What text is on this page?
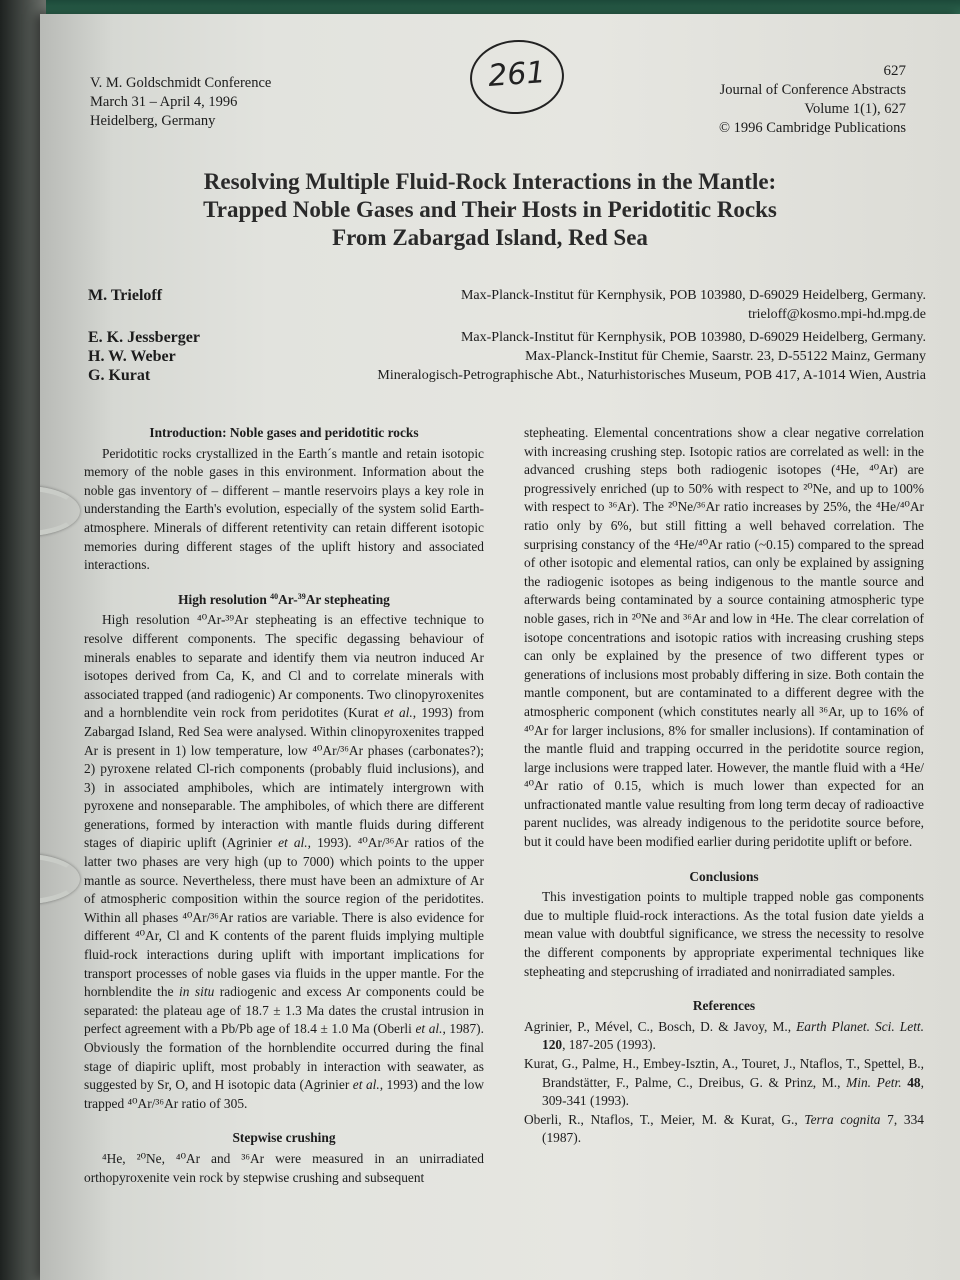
261
V. M. Goldschmidt Conference
March 31 – April 4, 1996
Heidelberg, Germany
627
Journal of Conference Abstracts
Volume 1(1), 627
© 1996 Cambridge Publications
Resolving Multiple Fluid-Rock Interactions in the Mantle:
Trapped Noble Gases and Their Hosts in Peridotitic Rocks
From Zabargad Island, Red Sea
M. Trieloff	Max-Planck-Institut für Kernphysik, POB 103980, D-69029 Heidelberg, Germany.
trieloff@kosmo.mpi-hd.mpg.de
E. K. Jessberger	Max-Planck-Institut für Kernphysik, POB 103980, D-69029 Heidelberg, Germany.
H. W. Weber	Max-Planck-Institut für Chemie, Saarstr. 23, D-55122 Mainz, Germany
G. Kurat	Mineralogisch-Petrographische Abt., Naturhistorisches Museum, POB 417, A-1014 Wien, Austria
Introduction: Noble gases and peridotitic rocks

Peridotitic rocks crystallized in the Earth´s mantle and retain isotopic memory of the noble gases in this environment. Information about the noble gas inventory of – different – mantle reservoirs plays a key role in understanding the Earth's evolution, especially of the system solid Earth-atmosphere. Minerals of different retentivity can retain different isotopic memories during different stages of the uplift history and associated interactions.

High resolution $^{40}$Ar-$^{39}$Ar stepheating

High resolution ⁴⁰Ar-³⁹Ar stepheating is an effective technique to resolve different components. The specific degassing behaviour of minerals enables to separate and identify them via neutron induced Ar isotopes derived from Ca, K, and Cl and to correlate minerals with associated trapped (and radiogenic) Ar components. Two clinopyroxenites and a hornblendite vein rock from peridotites (Kurat et al., 1993) from Zabargad Island, Red Sea were analysed. Within clinopyroxenites trapped Ar is present in 1) low temperature, low ⁴⁰Ar/³⁶Ar phases (carbonates?); 2) pyroxene related Cl-rich components (probably fluid inclusions), and 3) in associated amphiboles, which are intimately intergrown with pyroxene and nonseparable. The amphiboles, of which there are different generations, formed by interaction with mantle fluids during different stages of diapiric uplift (Agrinier et al., 1993). ⁴⁰Ar/³⁶Ar ratios of the latter two phases are very high (up to 7000) which points to the upper mantle as source. Nevertheless, there must have been an admixture of Ar of atmospheric composition within the source region of the peridotites. Within all phases ⁴⁰Ar/³⁶Ar ratios are variable. There is also evidence for different ⁴⁰Ar, Cl and K contents of the parent fluids implying multiple fluid-rock interactions during uplift with important implications for transport processes of noble gases via fluids in the upper mantle. For the hornblendite the in situ radiogenic and excess Ar components could be separated: the plateau age of 18.7 ± 1.3 Ma dates the crustal intrusion in perfect agreement with a Pb/Pb age of 18.4 ± 1.0 Ma (Oberli et al., 1987). Obviously the formation of the hornblendite occurred during the final stage of diapiric uplift, most probably in interaction with seawater, as suggested by Sr, O, and H isotopic data (Agrinier et al., 1993) and the low trapped ⁴⁰Ar/³⁶Ar ratio of 305.

Stepwise crushing

⁴He, ²⁰Ne, ⁴⁰Ar and ³⁶Ar were measured in an unirradiated orthopyroxenite vein rock by stepwise crushing and subsequent

stepheating. Elemental concentrations show a clear negative correlation with increasing crushing step. Isotopic ratios are correlated as well: in the advanced crushing steps both radiogenic isotopes (⁴He, ⁴⁰Ar) are progressively enriched (up to 50% with respect to ²⁰Ne, and up to 100% with respect to ³⁶Ar). The ²⁰Ne/³⁶Ar ratio increases by 25%, the ⁴He/⁴⁰Ar ratio only by 6%, but still fitting a well behaved correlation. The surprising constancy of the ⁴He/⁴⁰Ar ratio (~0.15) compared to the spread of other isotopic and elemental ratios, can only be explained by assigning the radiogenic isotopes as being indigenous to the mantle source and afterwards being contaminated by a source containing atmospheric type noble gases, rich in ²⁰Ne and ³⁶Ar and low in ⁴He. The clear correlation of isotope concentrations and isotopic ratios with increasing crushing steps can only be explained by the presence of two different types or generations of inclusions most probably differing in size. Both contain the mantle component, but are contaminated to a different degree with the atmospheric component (which constitutes nearly all ³⁶Ar, up to 16% of ⁴⁰Ar for larger inclusions, 8% for smaller inclusions). If contamination of the mantle fluid and trapping occurred in the peridotite source region, large inclusions were trapped later. However, the mantle fluid with a ⁴He/⁴⁰Ar ratio of 0.15, which is much lower than expected for an unfractionated mantle value resulting from long term decay of radioactive parent nuclides, was already indigenous to the peridotite source before, but it could have been modified earlier during peridotite uplift or before.

Conclusions

This investigation points to multiple trapped noble gas components due to multiple fluid-rock interactions. As the total fusion date yields a mean value with doubtful significance, we stress the necessity to resolve the different components by appropriate experimental techniques like stepheating and stepcrushing of irradiated and nonirradiated samples.

References

Agrinier, P., Mével, C., Bosch, D. & Javoy, M., Earth Planet. Sci. Lett. 120, 187-205 (1993).

Kurat, G., Palme, H., Embey-Isztin, A., Touret, J., Ntaflos, T., Spettel, B., Brandstätter, F., Palme, C., Dreibus, G. & Prinz, M., Min. Petr. 48, 309-341 (1993).

Oberli, R., Ntaflos, T., Meier, M. & Kurat, G., Terra cognita 7, 334 (1987).
